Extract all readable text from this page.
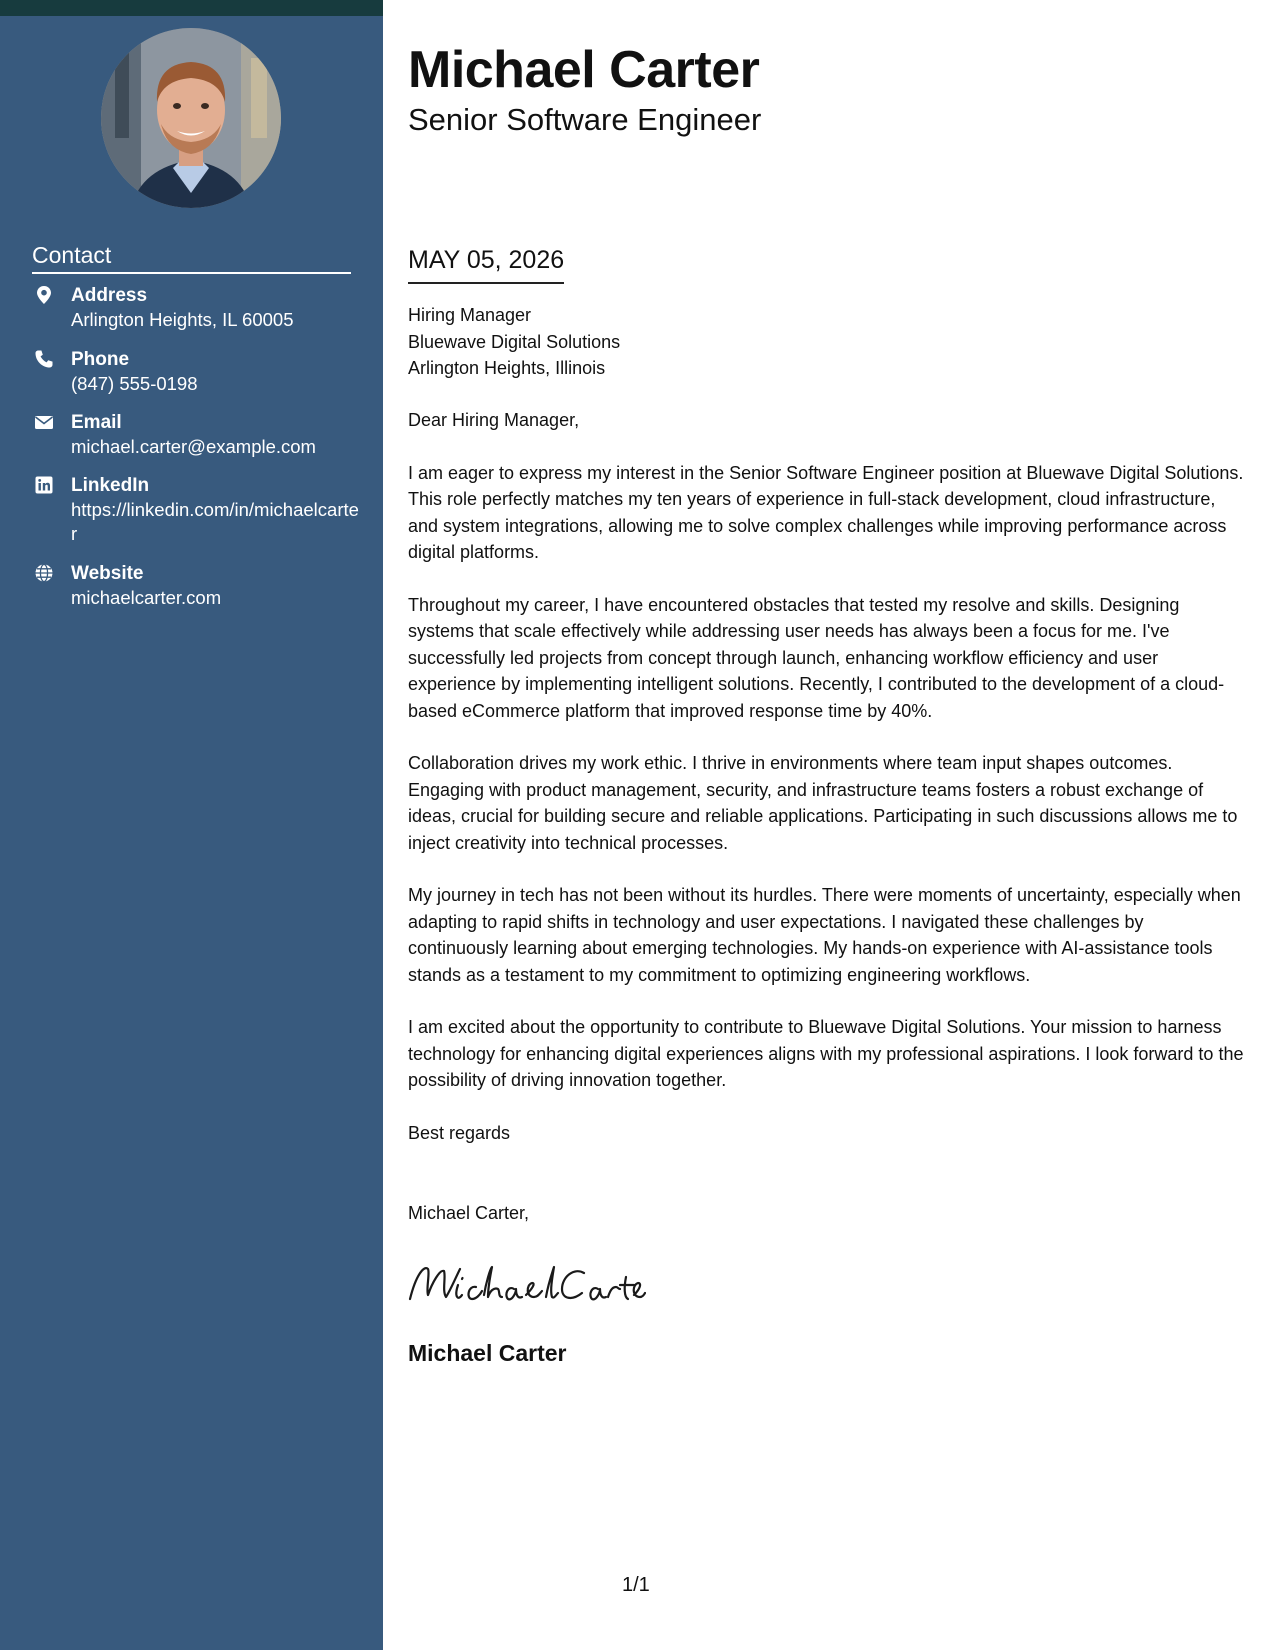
Contact
Address
Arlington Heights, IL 60005
Phone
(847) 555-0198
Email
michael.carter@example.com
LinkedIn
https://linkedin.com/in/michaelcarter
Website
michaelcarter.com
Michael Carter
Senior Software Engineer
MAY 05, 2026
Hiring Manager
Bluewave Digital Solutions
Arlington Heights, Illinois

Dear Hiring Manager,

I am eager to express my interest in the Senior Software Engineer position at Bluewave Digital Solutions. This role perfectly matches my ten years of experience in full-stack development, cloud infrastructure, and system integrations, allowing me to solve complex challenges while improving performance across digital platforms.

Throughout my career, I have encountered obstacles that tested my resolve and skills. Designing systems that scale effectively while addressing user needs has always been a focus for me. I've successfully led projects from concept through launch, enhancing workflow efficiency and user experience by implementing intelligent solutions. Recently, I contributed to the development of a cloud-based eCommerce platform that improved response time by 40%.

Collaboration drives my work ethic. I thrive in environments where team input shapes outcomes. Engaging with product management, security, and infrastructure teams fosters a robust exchange of ideas, crucial for building secure and reliable applications. Participating in such discussions allows me to inject creativity into technical processes.

My journey in tech has not been without its hurdles. There were moments of uncertainty, especially when adapting to rapid shifts in technology and user expectations. I navigated these challenges by continuously learning about emerging technologies. My hands-on experience with AI-assistance tools stands as a testament to my commitment to optimizing engineering workflows.

I am excited about the opportunity to contribute to Bluewave Digital Solutions. Your mission to harness technology for enhancing digital experiences aligns with my professional aspirations. I look forward to the possibility of driving innovation together.

Best regards
Michael Carter,
Michael Carter
1/1
